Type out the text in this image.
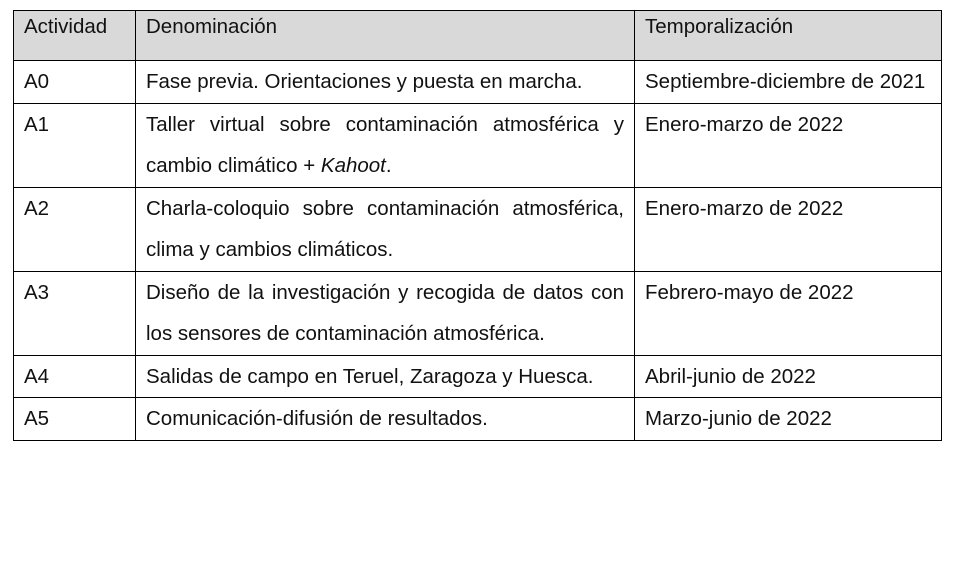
Actividad	Denominación	Temporalización
A0	Fase previa. Orientaciones y puesta en marcha.	Septiembre-diciembre de 2021
A1	Taller virtual sobre contaminación atmosférica y cambio climático + Kahoot.	Enero-marzo de 2022
A2	Charla-coloquio sobre contaminación atmosférica, clima y cambios climáticos.	Enero-marzo de 2022
A3	Diseño de la investigación y recogida de datos con los sensores de contaminación atmosférica.	Febrero-mayo de 2022
A4	Salidas de campo en Teruel, Zaragoza y Huesca.	Abril-junio de 2022
A5	Comunicación-difusión de resultados.	Marzo-junio de 2022
